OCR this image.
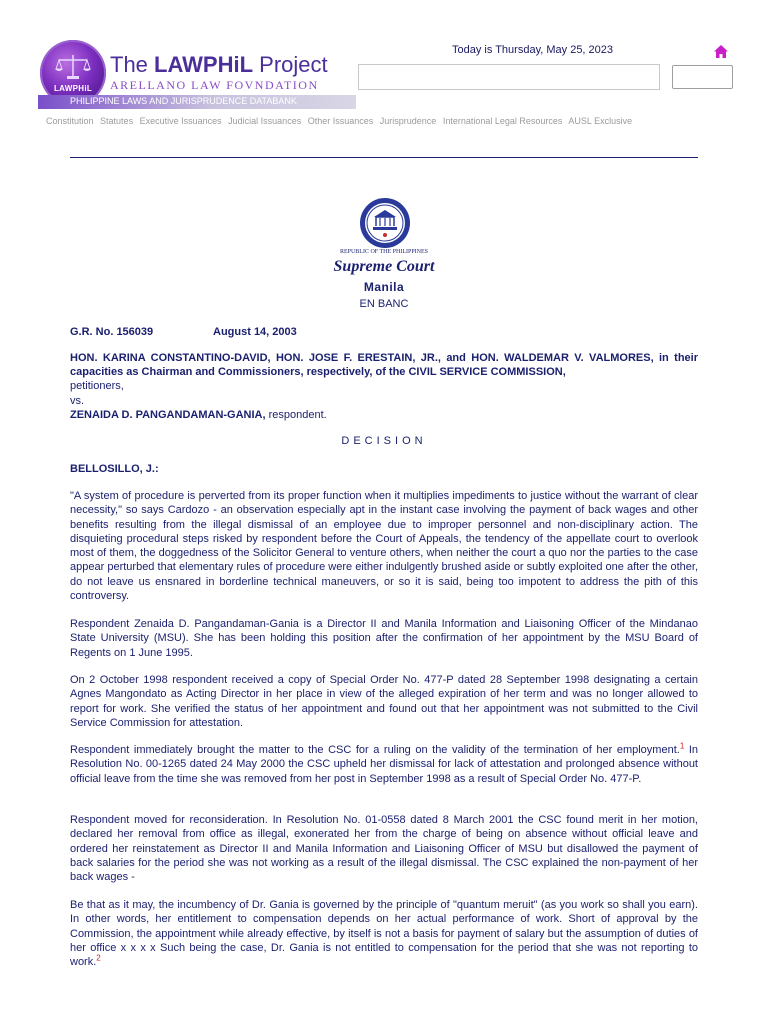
LAWPHiL
The LAWPHiL Project
ARELLANO LAW FOVNDATION
PHILIPPINE LAWS AND JURISPRUDENCE DATABANK
Today is Thursday, May 25, 2023
Constitution Statutes Executive Issuances Judicial Issuances Other Issuances Jurisprudence International Legal Resources AUSL Exclusive
REPUBLIC OF THE PHILIPPINES
Supreme Court
Manila
EN BANC
G.R. No. 156039	August 14, 2003
HON. KARINA CONSTANTINO-DAVID, HON. JOSE F. ERESTAIN, JR., and HON. WALDEMAR V. VALMORES, in their capacities as Chairman and Commissioners, respectively, of the CIVIL SERVICE COMMISSION,
petitioners,
vs.
ZENAIDA D. PANGANDAMAN-GANIA, respondent.
DECISION
BELLOSILLO, J.:
"A system of procedure is perverted from its proper function when it multiplies impediments to justice without the warrant of clear necessity," so says Cardozo - an observation especially apt in the instant case involving the payment of back wages and other benefits resulting from the illegal dismissal of an employee due to improper personnel and non-disciplinary action. The disquieting procedural steps risked by respondent before the Court of Appeals, the tendency of the appellate court to overlook most of them, the doggedness of the Solicitor General to venture others, when neither the court a quo nor the parties to the case appear perturbed that elementary rules of procedure were either indulgently brushed aside or subtly exploited one after the other, do not leave us ensnared in borderline technical maneuvers, or so it is said, being too impotent to address the pith of this controversy.
Respondent Zenaida D. Pangandaman-Gania is a Director II and Manila Information and Liaisoning Officer of the Mindanao State University (MSU). She has been holding this position after the confirmation of her appointment by the MSU Board of Regents on 1 June 1995.
On 2 October 1998 respondent received a copy of Special Order No. 477-P dated 28 September 1998 designating a certain Agnes Mangondato as Acting Director in her place in view of the alleged expiration of her term and was no longer allowed to report for work. She verified the status of her appointment and found out that her appointment was not submitted to the Civil Service Commission for attestation.
Respondent immediately brought the matter to the CSC for a ruling on the validity of the termination of her employment.$^1$ In Resolution No. 00-1265 dated 24 May 2000 the CSC upheld her dismissal for lack of attestation and prolonged absence without official leave from the time she was removed from her post in September 1998 as a result of Special Order No. 477-P.
Respondent moved for reconsideration. In Resolution No. 01-0558 dated 8 March 2001 the CSC found merit in her motion, declared her removal from office as illegal, exonerated her from the charge of being on absence without official leave and ordered her reinstatement as Director II and Manila Information and Liaisoning Officer of MSU but disallowed the payment of back salaries for the period she was not working as a result of the illegal dismissal. The CSC explained the non-payment of her back wages -
Be that as it may, the incumbency of Dr. Gania is governed by the principle of "quantum meruit" (as you work so shall you earn). In other words, her entitlement to compensation depends on her actual performance of work. Short of approval by the Commission, the appointment while already effective, by itself is not a basis for payment of salary but the assumption of duties of her office x x x x Such being the case, Dr. Gania is not entitled to compensation for the period that she was not reporting to work.$^2$
